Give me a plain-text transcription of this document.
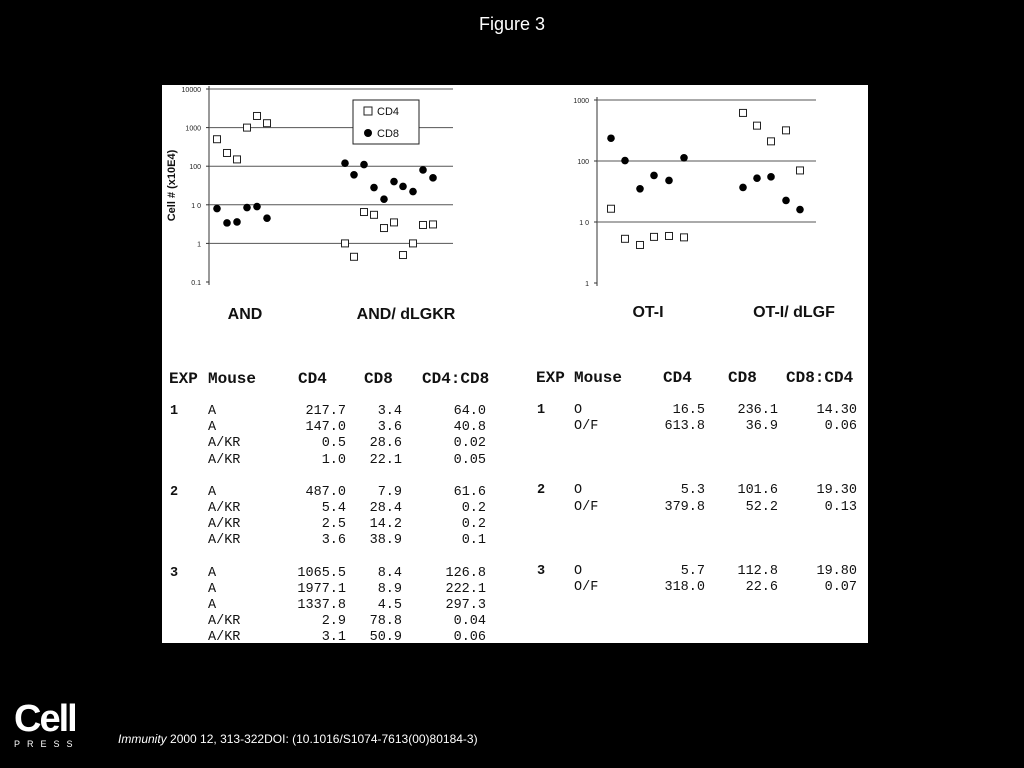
Figure 3
10000
1000
100
1 0
1
0.1
Cell # (x10E4)
AND	AND/ dLGKR
CD4
CD8
1000
100
1 0
1
OT-I	OT-I/ dLGF
EXP Mouse	CD4 CD8 CD4:CD8
1 A	217.7	3.4	64.0
A	147.0	3.6	40.8
A/KR	0.5	28.6	0.02
A/KR	1.0	22.1	0.05
2 A	487.0	7.9	61.6
A/KR	5.4	28.4	0.2
A/KR	2.5	14.2	0.2
A/KR	3.6	38.9	0.1
3 A	1065.5	8.4	126.8
A	1977.1	8.9	222.1
A	1337.8	4.5	297.3
A/KR	2.9	78.8	0.04
A/KR	3.1	50.9	0.06
EXP Mouse	CD4 CD8 CD8:CD4
1 O	16.5	236.1	14.30
O/F	613.8	36.9	0.06
2 O	5.3	101.6	19.30
O/F	379.8	52.2	0.13
3 O	5.7	112.8	19.80
O/F	318.0	22.6	0.07
Cell
PRESS	Immunity 2000 12, 313-322DOI: (10.1016/S1074-7613(00)80184-3)
